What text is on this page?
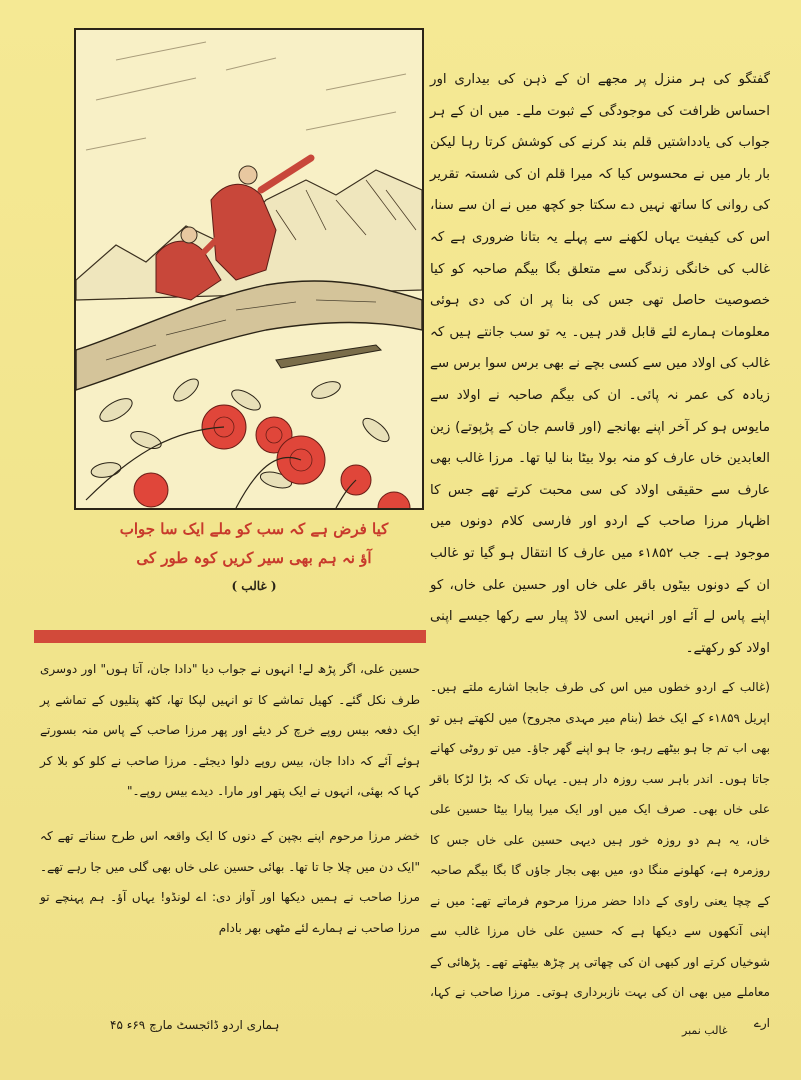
کیا فرض ہے کہ سب کو ملے ایک سا جواب
آؤ نہ ہم بھی سیر کریں کوہ طور کی
( غالب )

گفتگو کی ہر منزل پر مجھے ان کے ذہن کی بیداری اور احساس ظرافت کی موجودگی کے ثبوت ملے۔ میں ان کے ہر جواب کی یادداشتیں قلم بند کرنے کی کوشش کرتا رہا لیکن بار بار میں نے محسوس کیا کہ میرا قلم ان کی شستہ تقریر کی روانی کا ساتھ نہیں دے سکتا جو کچھ میں نے ان سے سنا، اس کی کیفیت یہاں لکھنے سے پہلے یہ بتانا ضروری ہے کہ غالب کی خانگی زندگی سے متعلق بگا بیگم صاحبہ کو کیا خصوصیت حاصل تھی جس کی بنا پر ان کی دی ہوئی معلومات ہمارے لئے قابل قدر ہیں۔ یہ تو سب جانتے ہیں کہ غالب کی اولاد میں سے کسی بچے نے بھی برس سوا برس سے زیادہ کی عمر نہ پائی۔ ان کی بیگم صاحبہ نے اولاد سے مایوس ہو کر آخر اپنے بھانجے (اور قاسم جان کے پڑپوتے) زین العابدین خاں عارف کو منہ بولا بیٹا بنا لیا تھا۔ مرزا غالب بھی عارف سے حقیقی اولاد کی سی محبت کرتے تھے جس کا اظہار مرزا صاحب کے اردو اور فارسی کلام دونوں میں موجود ہے۔ جب ۱۸۵۲ء میں عارف کا انتقال ہو گیا تو غالب ان کے دونوں بیٹوں باقر علی خاں اور حسین علی خاں، کو اپنے پاس لے آئے اور انہیں اسی لاڈ پیار سے رکھا جیسے اپنی اولاد کو رکھتے۔

(غالب کے اردو خطوں میں اس کی طرف جابجا اشارے ملتے ہیں۔ اپریل ۱۸۵۹ء کے ایک خط (بنام میر مہدی مجروح) میں لکھتے ہیں تو بھی اب تم جا ہو بیٹھے رہو، جا ہو اپنے گھر جاؤ۔ میں تو روٹی کھانے جاتا ہوں۔ اندر باہر سب روزہ دار ہیں۔ یہاں تک کہ بڑا لڑکا باقر علی خاں بھی۔ صرف ایک میں اور ایک میرا پیارا بیٹا حسین علی خاں، یہ ہم دو روزہ خور ہیں دیہی حسین علی خاں جس کا روزمرہ ہے، کھلونے منگا دو، میں بھی بجار جاؤں گا بگا بیگم صاحبہ کے چچا یعنی راوی کے دادا حضر مرزا مرحوم فرماتے تھے: میں نے اپنی آنکھوں سے دیکھا ہے کہ حسین علی خاں مرزا غالب سے شوخیاں کرتے اور کبھی ان کی چھاتی پر چڑھ بیٹھتے تھے۔ پڑھائی کے معاملے میں بھی ان کی بہت نازبرداری ہوتی۔ مرزا صاحب نے کہا، ارے

حسین علی، اگر پڑھ لے! انہوں نے جواب دیا "دادا جان، آتا ہوں" اور دوسری طرف نکل گئے۔ کھیل تماشے کا تو انہیں لپکا تھا، کٹھ پتلیوں کے تماشے پر ایک دفعہ بیس روپے خرچ کر دیئے اور پھر مرزا صاحب کے پاس منہ بسورتے ہوئے آئے کہ دادا جان، بیس روپے دلوا دیجئے۔ مرزا صاحب نے کلو کو بلا کر کہا کہ بھئی، انہوں نے ایک پتھر اور مارا۔ دیدے بیس روپے۔"

خضر مرزا مرحوم اپنے بچپن کے دنوں کا ایک واقعہ اس طرح سناتے تھے کہ "ایک دن میں چلا جا تا تھا۔ بھائی حسین علی خاں بھی گلی میں جا رہے تھے۔ مرزا صاحب نے ہمیں دیکھا اور آواز دی: اے لونڈو! یہاں آؤ۔ ہم پہنچے تو مرزا صاحب نے ہمارے لئے مٹھی بھر بادام

ہماری اردو ڈائجسٹ مارچ ۶۹ء ۴۵	غالب نمبر
